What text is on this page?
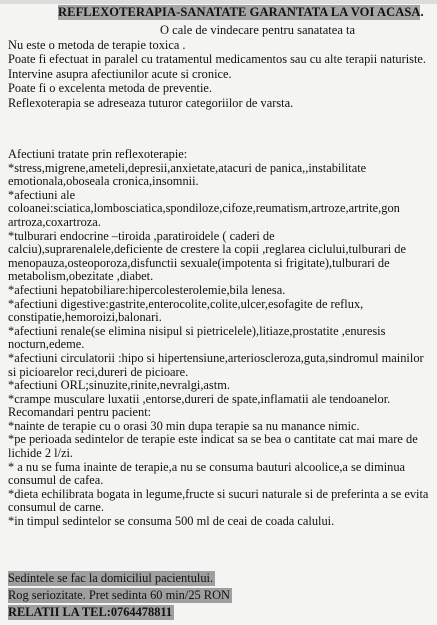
REFLEXOTERAPIA-SANATATE GARANTATA LA VOI ACASA.
O cale de vindecare pentru sanatatea ta

Nu este o metoda de terapie toxica .

Poate fi efectuat in paralel cu tratamentul medicamentos sau cu alte terapii naturiste.

Intervine asupra afectiunilor acute si cronice.

Poate fi o excelenta metoda de preventie.

Reflexoterapia se adreseaza tuturor categoriilor de varsta.

Afectiuni tratate prin reflexoterapie:

*stress,migrene,ameteli,depresii,anxietate,atacuri de panica,,instabilitate emotionala,oboseala cronica,insomnii.

*afectiuni ale coloanei:sciatica,lombosciatica,spondiloze,cifoze,reumatism,artroze,artrite,gon artroza,coxartroza.

*tulburari endocrine –tiroida ,paratiroidele ( caderi de calciu),suprarenalele,deficiente de crestere la copii ,reglarea ciclului,tulburari de menopauza,osteoporoza,disfunctii sexuale(impotenta si frigitate),tulburari de metabolism,obezitate ,diabet.

*afectiuni hepatobiliare:hipercolesterolemie,bila lenesa.

*afectiuni digestive:gastrite,enterocolite,colite,ulcer,esofagite de reflux, constipatie,hemoroizi,balonari.

*afectiuni renale(se elimina nisipul si pietricelele),litiaze,prostatite ,enuresis nocturn,edeme.

*afectiuni circulatorii :hipo si hipertensiune,arterioscleroza,guta,sindromul mainilor si picioarelor reci,dureri de picioare.

*afectiuni ORL;sinuzite,rinite,nevralgi,astm.

*crampe musculare luxatii ,entorse,dureri de spate,inflamatii ale tendoanelor.

Recomandari pentru pacient:

*nainte de terapie cu o orasi 30 min dupa terapie sa nu manance nimic.

*pe perioada sedintelor de terapie este indicat sa se bea o cantitate cat mai mare de lichide 2 l/zi.

* a nu se fuma inainte de terapie,a nu se consuma bauturi alcoolice,a se diminua consumul de cafea.

*dieta echilibrata bogata in legume,fructe si sucuri naturale si de preferinta a se evita consumul de carne.

*in timpul sedintelor se consuma 500 ml de ceai de coada calului.

Sedintele se fac la domiciliul pacientului.
Rog seriozitate. Pret sedinta 60 min/25 RON
RELATII LA TEL:0764478811
